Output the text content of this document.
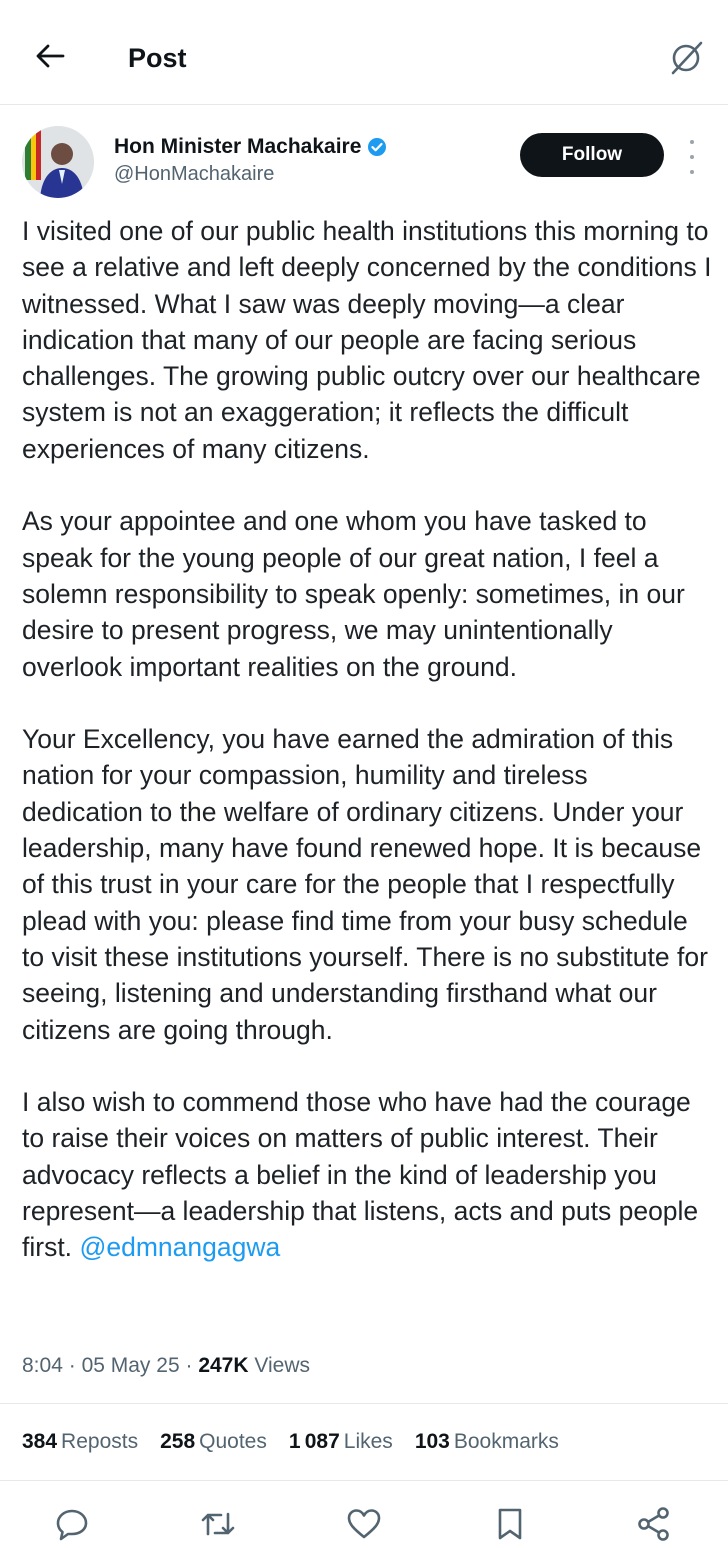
Post
Hon Minister Machakaire
@HonMachakaire
Follow

I visited one of our public health institutions this morning to see a relative and left deeply concerned by the conditions I witnessed. What I saw was deeply moving—a clear indication that many of our people are facing serious challenges. The growing public outcry over our healthcare system is not an exaggeration; it reflects the difficult experiences of many citizens.

As your appointee and one whom you have tasked to speak for the young people of our great nation, I feel a solemn responsibility to speak openly: sometimes, in our desire to present progress, we may unintentionally overlook important realities on the ground.

Your Excellency, you have earned the admiration of this nation for your compassion, humility and tireless dedication to the welfare of ordinary citizens. Under your leadership, many have found renewed hope. It is because of this trust in your care for the people that I respectfully plead with you: please find time from your busy schedule to visit these institutions yourself. There is no substitute for seeing, listening and understanding firsthand what our citizens are going through.

I also wish to commend those who have had the courage to raise their voices on matters of public interest. Their advocacy reflects a belief in the kind of leadership you represent—a leadership that listens, acts and puts people first. @edmnangagwa

8:04 · 05 May 25 · 247K Views
384 Reposts 258 Quotes 1 087 Likes 103 Bookmarks
